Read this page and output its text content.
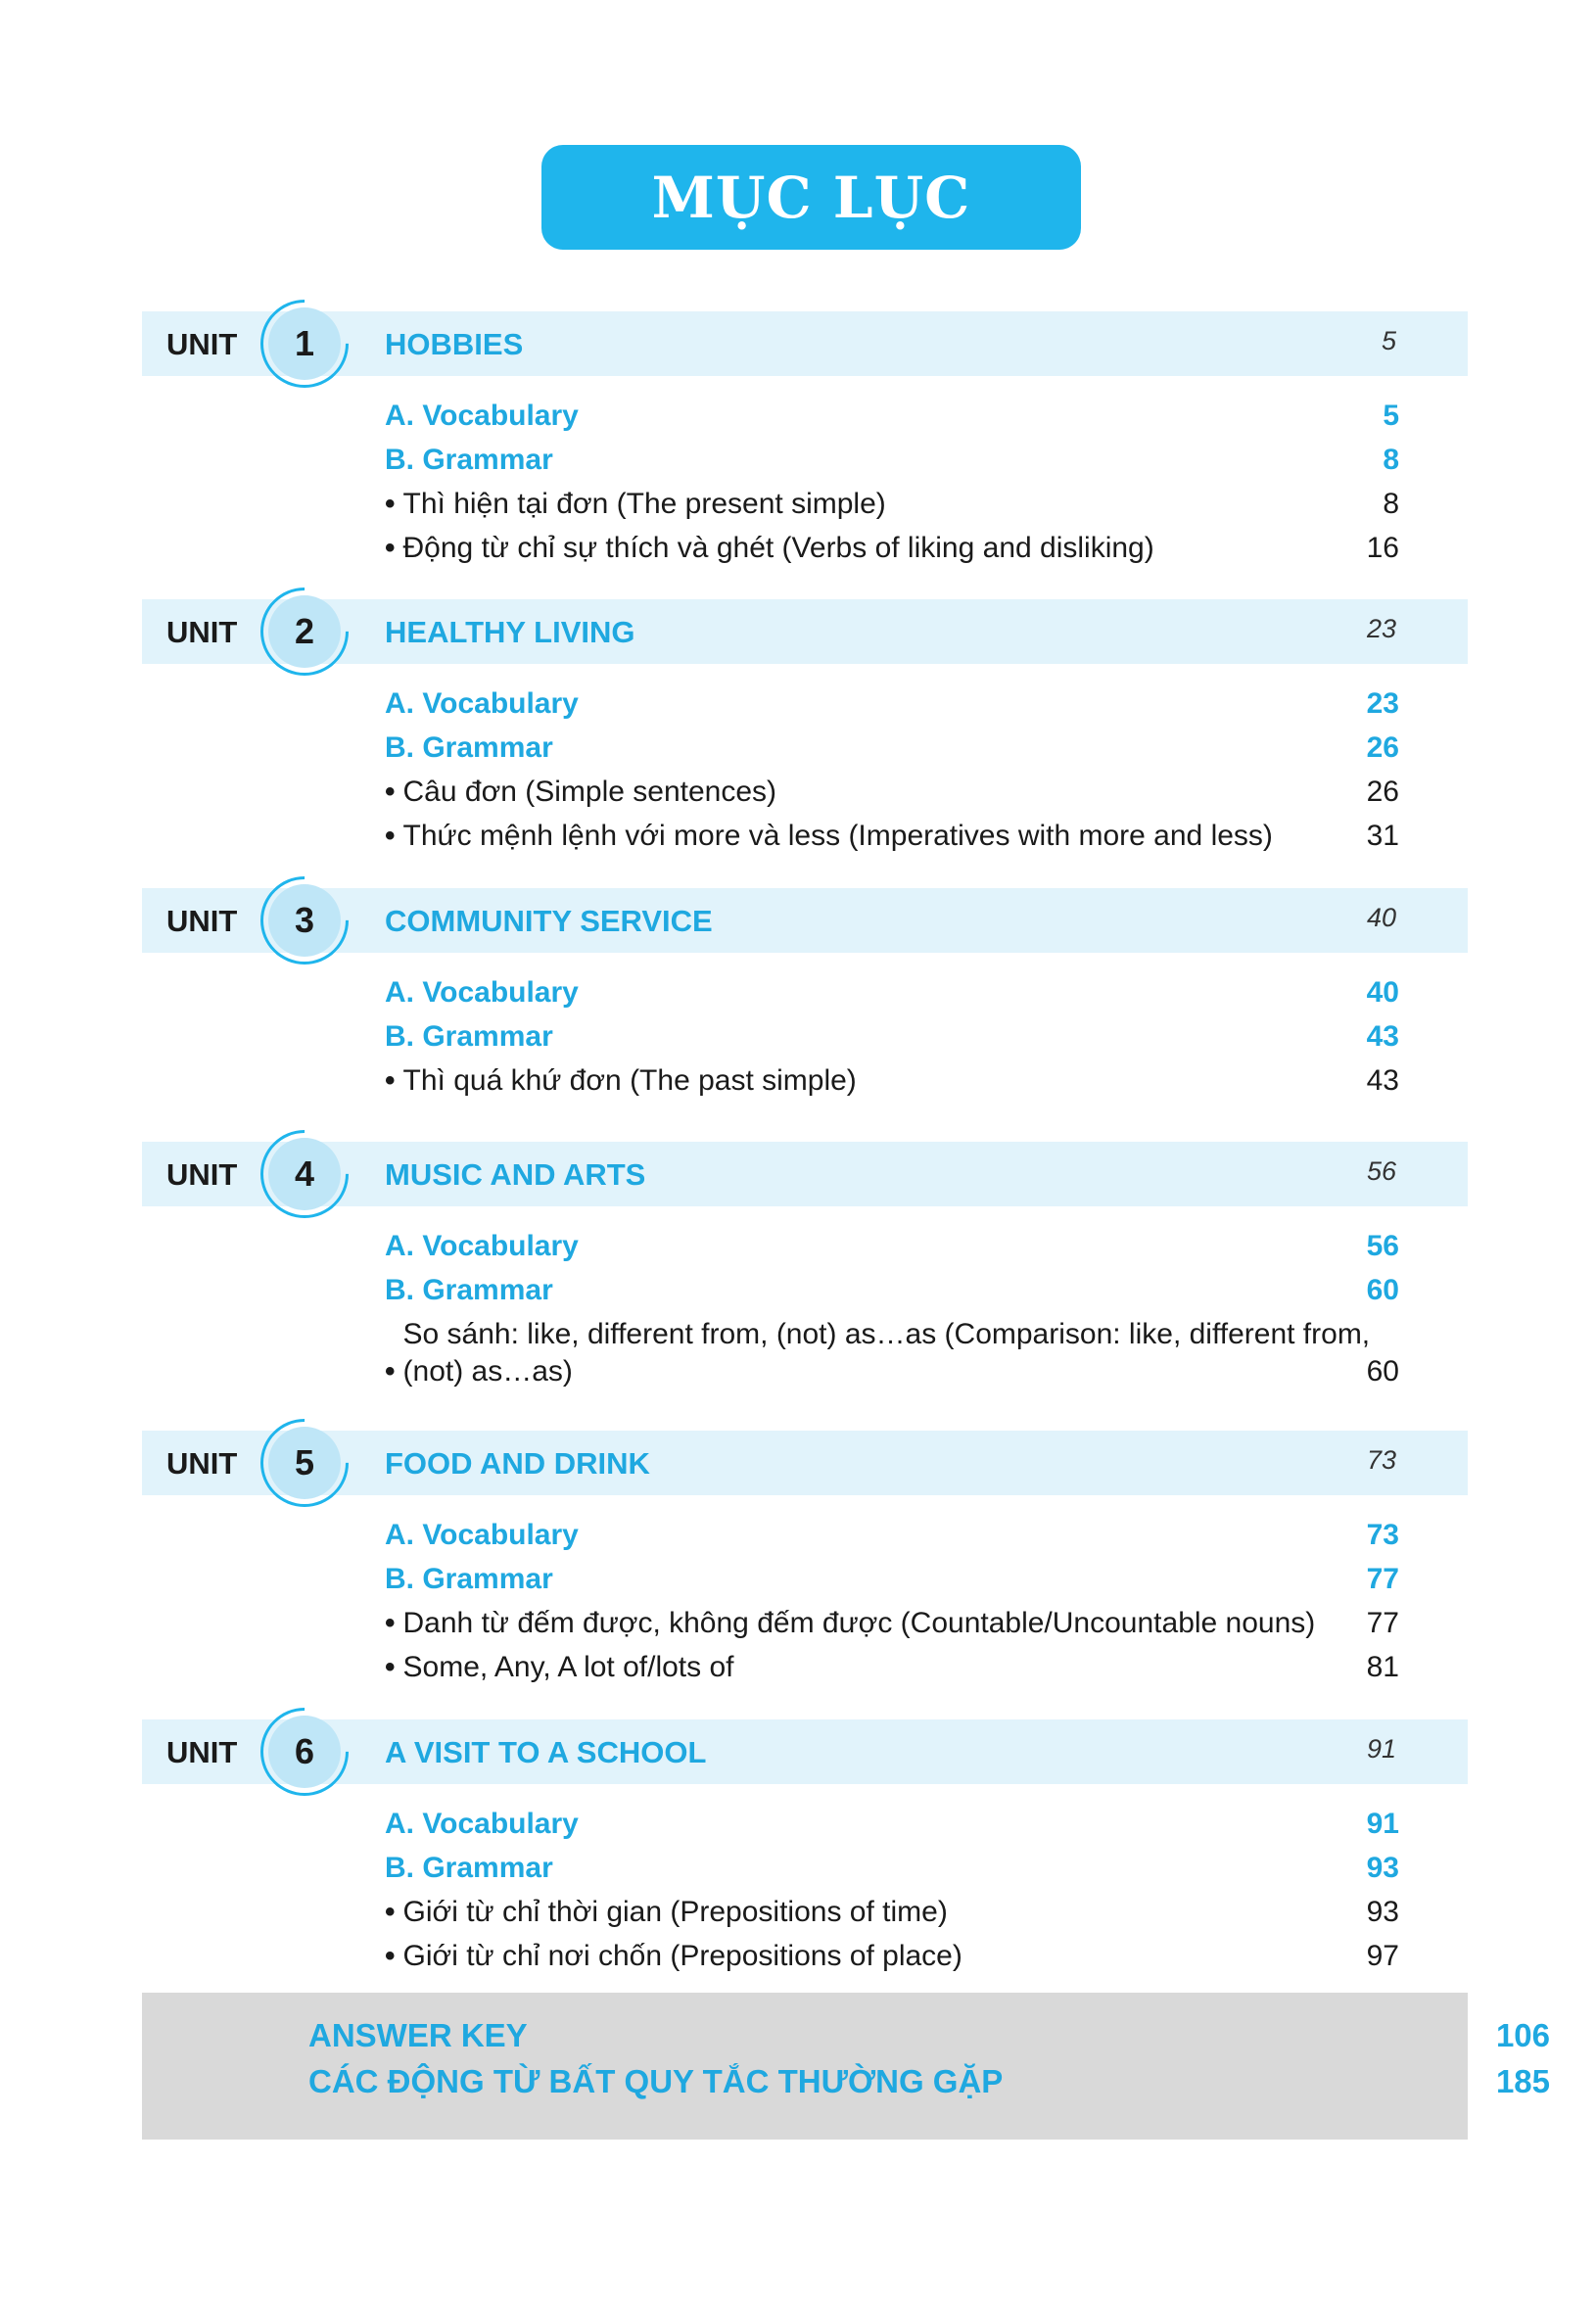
MỤC LỤC
UNIT	1	HOBBIES	5
A. Vocabulary	5
B. Grammar	8
• Thì hiện tại đơn (The present simple)	8
• Động từ chỉ sự thích và ghét (Verbs of liking and disliking)	16
UNIT	2	HEALTHY LIVING	23
A. Vocabulary	23
B. Grammar	26
• Câu đơn (Simple sentences)	26
• Thức mệnh lệnh với more và less (Imperatives with more and less)	31
UNIT	3	COMMUNITY SERVICE	40
A. Vocabulary	40
B. Grammar	43
• Thì quá khứ đơn (The past simple)	43
UNIT	4	MUSIC AND ARTS	56
A. Vocabulary	56
B. Grammar	60
•So sánh: like, different from, (not) as…as (Comparison: like, different from, (not) as…as)	60
UNIT	5	FOOD AND DRINK	73
A. Vocabulary	73
B. Grammar	77
• Danh từ đếm được, không đếm được (Countable/Uncountable nouns) 77
• Some, Any, A lot of/lots of	81
UNIT	6	A VISIT TO A SCHOOL	91
A. Vocabulary	91
B. Grammar	93
• Giới từ chỉ thời gian (Prepositions of time)	93
• Giới từ chỉ nơi chốn (Prepositions of place)	97
ANSWER KEY	106
CÁC ĐỘNG TỪ BẤT QUY TẮC THƯỜNG GẶP	185
